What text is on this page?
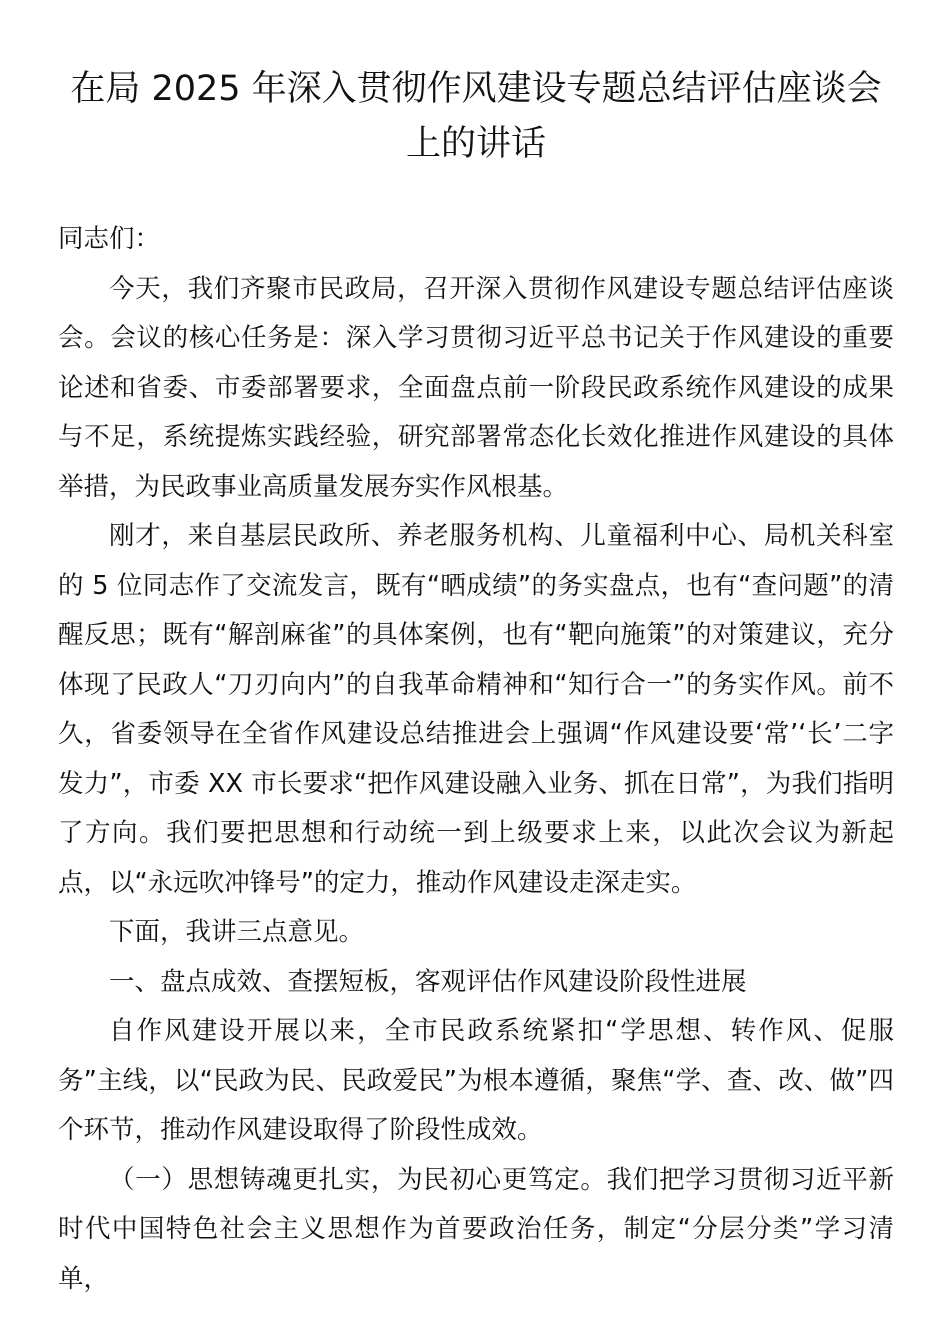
在局 2025 年深入贯彻作风建设专题总结评估座谈会上的讲话

同志们：

今天，我们齐聚市民政局，召开深入贯彻作风建设专题总结评估座谈会。会议的核心任务是：深入学习贯彻习近平总书记关于作风建设的重要论述和省委、市委部署要求，全面盘点前一阶段民政系统作风建设的成果与不足，系统提炼实践经验，研究部署常态化长效化推进作风建设的具体举措，为民政事业高质量发展夯实作风根基。

刚才，来自基层民政所、养老服务机构、儿童福利中心、局机关科室的 5 位同志作了交流发言，既有“晒成绩”的务实盘点，也有“查问题”的清醒反思；既有“解剖麻雀”的具体案例，也有“靶向施策”的对策建议，充分体现了民政人“刀刃向内”的自我革命精神和“知行合一”的务实作风。前不久，省委领导在全省作风建设总结推进会上强调“作风建设要‘常’‘长’二字发力”，市委 XX 市长要求“把作风建设融入业务、抓在日常”，为我们指明了方向。我们要把思想和行动统一到上级要求上来，以此次会议为新起点，以“永远吹冲锋号”的定力，推动作风建设走深走实。

下面，我讲三点意见。

一、盘点成效、查摆短板，客观评估作风建设阶段性进展

自作风建设开展以来，全市民政系统紧扣“学思想、转作风、促服务”主线，以“民政为民、民政爱民”为根本遵循，聚焦“学、查、改、做”四个环节，推动作风建设取得了阶段性成效。

（一）思想铸魂更扎实，为民初心更笃定。我们把学习贯彻习近平新时代中国特色社会主义思想作为首要政治任务，制定“分层分类”学习清单，
